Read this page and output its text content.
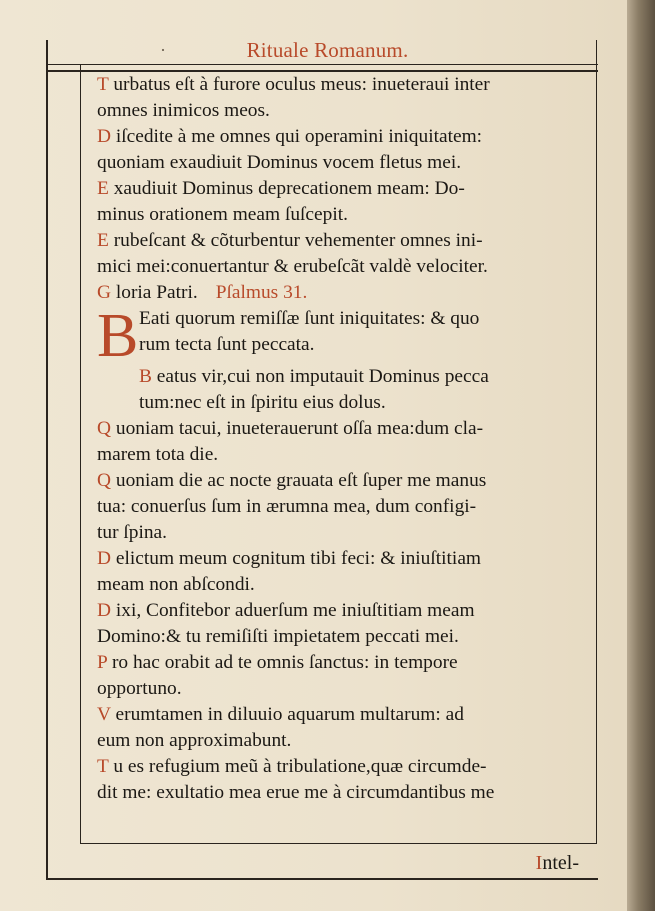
·	Rituale Romanum.

T urbatus eſt à furore oculus meus: inueteraui inter
omnes inimicos meos.

D iſcedite à me omnes qui operamini iniquitatem:
quoniam exaudiuit Dominus vocem fletus mei.

E xaudiuit Dominus deprecationem meam: Do-
minus orationem meam ſuſcepit.

E rubeſcant & cõturbentur vehementer omnes ini-
mici mei:conuertantur & erubeſcãt valdè velociter.

G loria Patri. Pſalmus 31.

B Eati quorum remiſſæ ſunt iniquitates: & quo
rum tecta ſunt peccata.

B eatus vir,cui non imputauit Dominus pecca
tum:nec eſt in ſpiritu eius dolus.

Q uoniam tacui, inueterauerunt oſſa mea:dum cla-
marem tota die.

Q uoniam die ac nocte grauata eſt ſuper me manus
tua: conuerſus ſum in ærumna mea, dum configi-
tur ſpina.

D elictum meum cognitum tibi feci: & iniuſtitiam
meam non abſcondi.

D ixi, Confitebor aduerſum me iniuſtitiam meam
Domino:& tu remiſiſti impietatem peccati mei.

P ro hac orabit ad te omnis ſanctus: in tempore
opportuno.

V erumtamen in diluuio aquarum multarum: ad
eum non approximabunt.

T u es refugium meũ à tribulatione,quæ circumde-
dit me: exultatio mea erue me à circumdantibus me

Intel-
